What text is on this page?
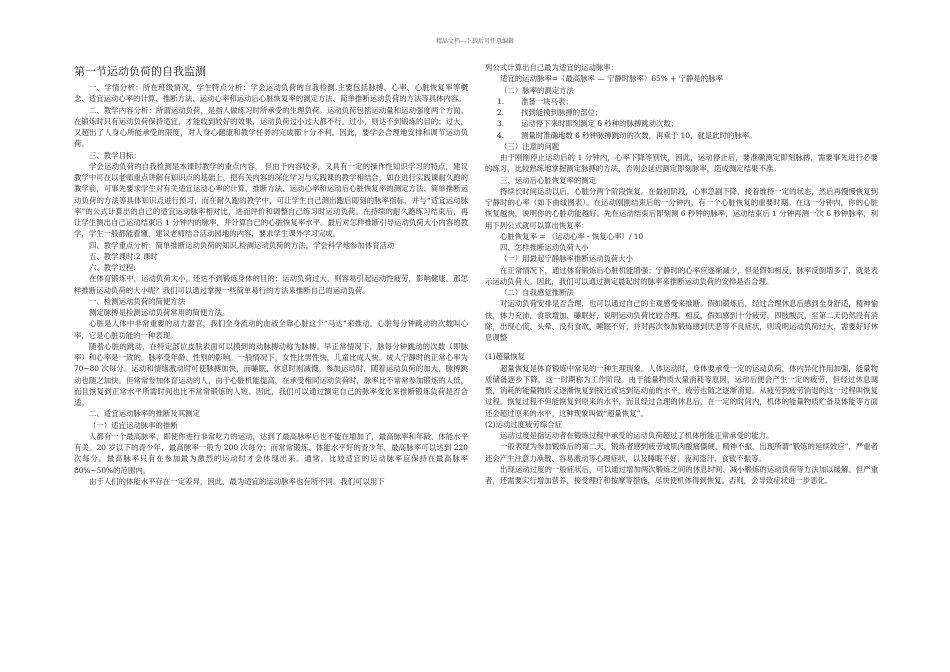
精品文档---下载后可任意编辑
第一节运动负荷的自我监测

一、学情分析：所在班级情况，学生特点分析：学会运动负荷的自我检测,主要包括脉搏、心率、心脏恢复率等概念、适宜运动心率的计算、推断方法、运动心率和运动后心脏恢复率的测定方法、简单推断运动负荷的方法等具体内容。

二、教学内容分析：所谓运动负荷，是指人做练习时所承受的生理负荷。运动负荷包括运动量和运动强度两个方面。在锻炼时只有运动负荷保持适宜，才能收到较好的效果，运动负荷过小过大都不行。过小，则达不到锻炼的目的；过大，又超出了人身心所能承受的限度，对人身心健康和教学任务的完成都十分不利。因此，要学会合理地安排和调节运动负荷。

三、教学目标：

学会运动负荷的自我检测是本课时教学的重点内容， 但由于内容较多，又具有一定的操作性知识学习的特点，建议教学中可在以老师重点讲解有知识点的基础上，把有关内容的深化学习与实践课的教学相结合，如在进行实践课耐久跑的教学前，可事先要求学生对有关适宜运动心率的计算、推断方法、运动心率和运动后心脏恢复率的测定方法、简单推断运动负荷的方法等具体知识点进行预习，而在耐久跑的教学中，可让学生自己测出跑后即刻的脉率指标，并与“适宜运动脉率”的公式计算出的自己的适宜运动脉率相对比，进而评价和调整自己练习时运动负荷。在持续的耐久跑练习结束后，再让学生测出自己运动结束后 1 分钟内的脉率，并计算自己的心脏恢复率水平。最后对怎样推断引导运动负荷大小内容的教学，学生一般都能看懂，建议老师结合活动园地的内容，要求学生课外学习完成。

四、教学重点分析：简单推断运动负荷的知识,检测运动负荷的方法，学会科学地参加体育活动

五、教学课时:2 课时

六、教学过程:

在体育锻炼中，运动负荷太小，还达不到锻炼身体的目的；运动负荷过大，则容易引起运动性疲劳，影响健康。那怎样推断运动负荷的大小呢？我们可以通过掌握一些简单易行的方法来推断自己的运动负荷。

一、检测运动负荷的简便方法

测定脉搏是检测运动负荷常用的简便方法。

心脏是人体中非常重要的动力器官，我们全身流动的血液全靠心脏这个“马达”来推动。心脏每分钟跳动的次数叫心率，它是心脏功能的一种表现。

随着心脏的跳动，在特定部位皮肤表面可以摸到的动脉搏动称为脉搏。早正常情况下，脉每分钟跳动的次数（即脉率）和心率是一致的。脉率受年龄、性别的影响。一般情况下，女性比男性快，儿童比成人快。成人宁静时的正常心率为 70~80 次每分。运动和情绪激动时可使脉搏加快，而睡眠、休息时则减慢。参加运动时，随着运动负荷的加大，脉搏跳动也随之加快。但常常参加体育运动的人，由于心脏机能提高，在承受相同运动负荷时，脉率比不常常参加锻炼的人低，而且恢复到正常水平所需时间也比不常常锻炼的人短。因此，我们可以通过测定自己的脉率变化来推断锻炼负荷是否合适。

二、适宜运动脉率的推断及其测定

（一）适宜运动脉率的推断

人都有一个最高脉率，即使你进行非常吃力的运动，达到了最高脉率后也不能在增加了，最高脉率和年龄、体能水平有关。20 岁以下的青少年，最高脉率一般为 200 次每分；而常常锻炼、体能水平好的青少年，最高脉率可以达到 220 次每分。最高脉率只有在参加最为激烈的运动时才会体现出来。通常，比较适宜的运动脉率应保持在最高脉率 80%~50%的范围内。

由于人们的体能水平存在一定差异，因此，最为适宜的运动脉率也有所不同。我们可以用下

列公式计算出自己最为适宜的运动脉率：

适宜的运动脉率=（最高脉率 — 宁静时脉率）65% + 宁静是的脉率

（二）脉率的测定方法

1.	准备一块马表；
2.	找到能摸到脉搏的部位；
3.	运动停下来时即刻测定 6 秒种的脉搏跳动次数；
4.	测量时准确地数 6 秒钟脉搏跳动的次数，再乘于 10，就是此时的脉率。

（三）注意的问题

由于刚刚停止运动后的 1 分钟内，心率下降等别快，因此，运动停止后，要准确测定即刻脉搏，需要事先进行必要的练习，比较熟练地掌握测定脉搏的方法，否则会延迟测定即刻脉率，造成测定结果不准。

三、运动后心脏恢复率的测定

持续长时间运动以后，心脏分两个阶段恢复。在最初阶段，心率急剧下降，接着维持一定的状态，然后再慢慢恢复到宁静时的心率（如下曲线图表）。在运动刚刚结束后的一分钟内，有一个心脏恢复的重要时期。在这一分钟内，你的心脏恢复越快，说明你的心脏功能越好。先在运动结束后即刻测 6 秒钟的脉率，运动结束后 1 分钟再测一次 6 秒钟脉率，利用下列公式就可以算出恢复率：

心脏恢复率 = （运动心率 - 恢复心率）/ 10

四、怎样推断运动负荷大小

（一）用最起宁静脉率推断运动负荷大小

在正常情况下，通过体育锻炼后心脏机能增强；宁静时的心率应逐渐减少，但是假如相反，脉率反倒增多了，就是表示运动负荷大。因此，我们可以通过测定晨起时的脉率来推断运动负荷的安排是否合理。

（二）自我感觉推断法

对运动负荷安排是否合理，也可以通过自己的主观感受来推断。假如锻炼后，经过合理休息后感到全身舒适，精神愉快，体力充沛，食欲增加，睡眠好，说明运动负荷比较合理。相反，假如感到十分疲劳，四肢酸沉，至第二天仍然没有消除，出现心慌、头晕、没有食欲，睡眠不好，并对再次参加锻炼感到厌恶等不良症状，则说明运动负荷过大，需要好好休息调整

(1)超量恢复

超量恢复是体育锻炼中常见的一种生理现象。人体运动时，身体要承受一定的运动负荷，体内异化作用加强，能量物质储备逐步下降，这一时期称为工作阶段。由于能量物质大量消耗等原因，运动后便会产生一定的疲劳，但经过休息调整，消耗的能量物质又逐渐恢复到接近或达到运动前的水平，疲劳也随之逐渐消退。从疲劳到疲劳消退的这一过程叫恢复过程。恢复过程不但能恢复到原来的水平，而且经过合理的休息后，在一定的时间内，机体的能量物质贮备及体能等方面还会超过原来的水平。这种现象叫做“超量恢复”。

(2)运动过度疲劳综合症

运动过度是指运动者在锻炼过程中承受的运动负荷超过了机体所能正常承受的能力。

一般表现为参加锻炼后的第二天，锻炼者感到疲劳或肌肉酸痛僵硬、精神不振，出现所谓“锻炼的延续效应”，严重者还会产生注意力涣散、容易激动等心理症状，以及睡眠不好，夜间盗汗、食欲不振等。

出现运动过度的一般症状后，可以通过增加两次锻炼之间的休息时间、减小锻炼的运动负荷等方法加以缓解。但严重者，还需要实行增加营养、接受理疗和按摩等措施，尽快使机体得到恢复。否则，会导致症状进一步恶化。
